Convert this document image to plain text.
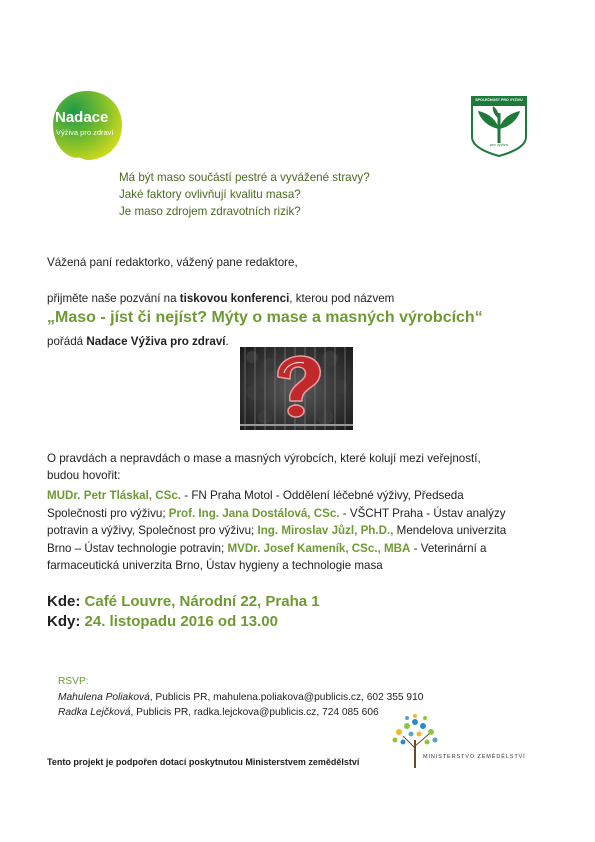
Nadace
Výživa pro zdraví
SPOLEČNOST PRO VÝŽIVU
pro výživu
Má být maso součástí pestré a vyvážené stravy?
Jaké faktory ovlivňují kvalitu masa?
Je maso zdrojem zdravotních rizik?
Vážená paní redaktorko, vážený pane redaktore,
přijměte naše pozvání na tiskovou konferenci, kterou pod názvem
„Maso - jíst či nejíst? Mýty o mase a masných výrobcích“
pořádá Nadace Výživa pro zdraví.
O pravdách a nepravdách o mase a masných výrobcích, které kolují mezi veřejností,
budou hovořit:
MUDr. Petr Tláskal, CSc. - FN Praha Motol - Oddělení léčebné výživy, Předseda
Společnosti pro výživu; Prof. Ing. Jana Dostálová, CSc. - VŠCHT Praha - Ústav analýzy
potravin a výživy, Společnost pro výživu; Ing. Miroslav Jůzl, Ph.D., Mendelova univerzita
Brno – Ústav technologie potravin; MVDr. Josef Kameník, CSc., MBA - Veterinární a
farmaceutická univerzita Brno, Ústav hygieny a technologie masa
Kde: Café Louvre, Národní 22, Praha 1
Kdy: 24. listopadu 2016 od 13.00
RSVP:
Mahulena Poliaková, Publicis PR, mahulena.poliakova@publicis.cz, 602 355 910
Radka Lejčková, Publicis PR, radka.lejckova@publicis.cz, 724 085 606
MINISTERSTVO ZEMĚDĚLSTVÍ
Tento projekt je podpořen dotací poskytnutou Ministerstvem zemědělství
